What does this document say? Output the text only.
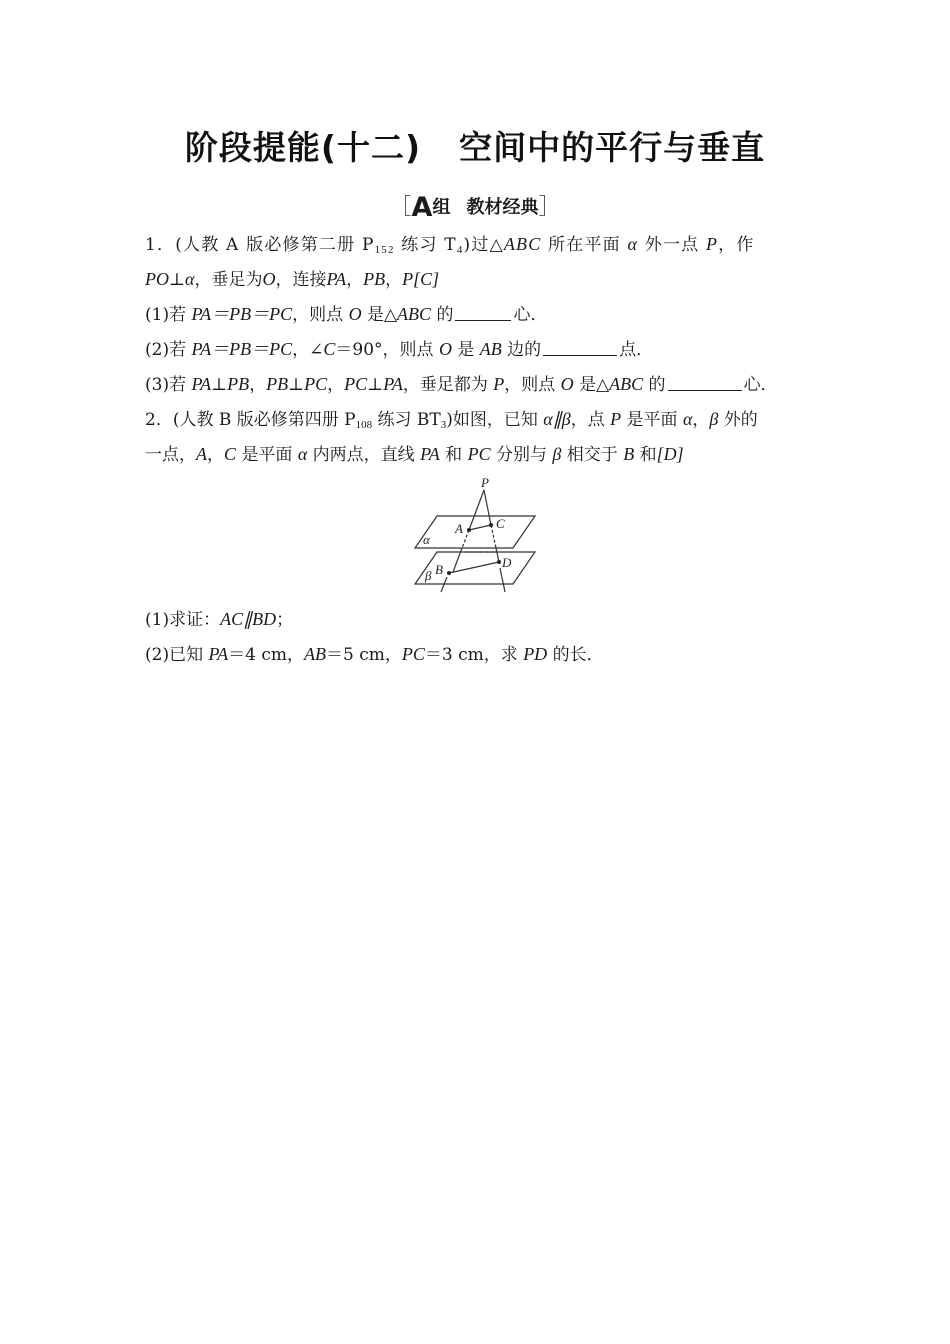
阶段提能(十二) 空间中的平行与垂直
［A组 教材经典］
1．(人教 A 版必修第二册 $P_{152}$ 练习 $T_4$)过△ABC 所在平面 α 外一点 P，作
PO⊥α，垂足为O，连接PA，PB，P[C]
(1)若 PA＝PB＝PC，则点 O 是△ABC 的	心．
(2)若 PA＝PB＝PC，∠C＝90°，则点 O 是 AB 边的	点．
(3)若 PA⊥PB，PB⊥PC，PC⊥PA，垂足都为 P，则点 O 是△ABC 的	心．
2．(人教 B 版必修第四册 $P_{108}$ 练习 $BT_3$)如图，已知 α∥β，点 P 是平面 α，β 外的
一点，A，C 是平面 α 内两点，直线 PA 和 PC 分别与 β 相交于 B 和[D]
P
A	C
B	D
α
β
(1)求证：AC∥BD；
(2)已知 PA＝4 cm，AB＝5 cm，PC＝3 cm，求 PD 的长．
